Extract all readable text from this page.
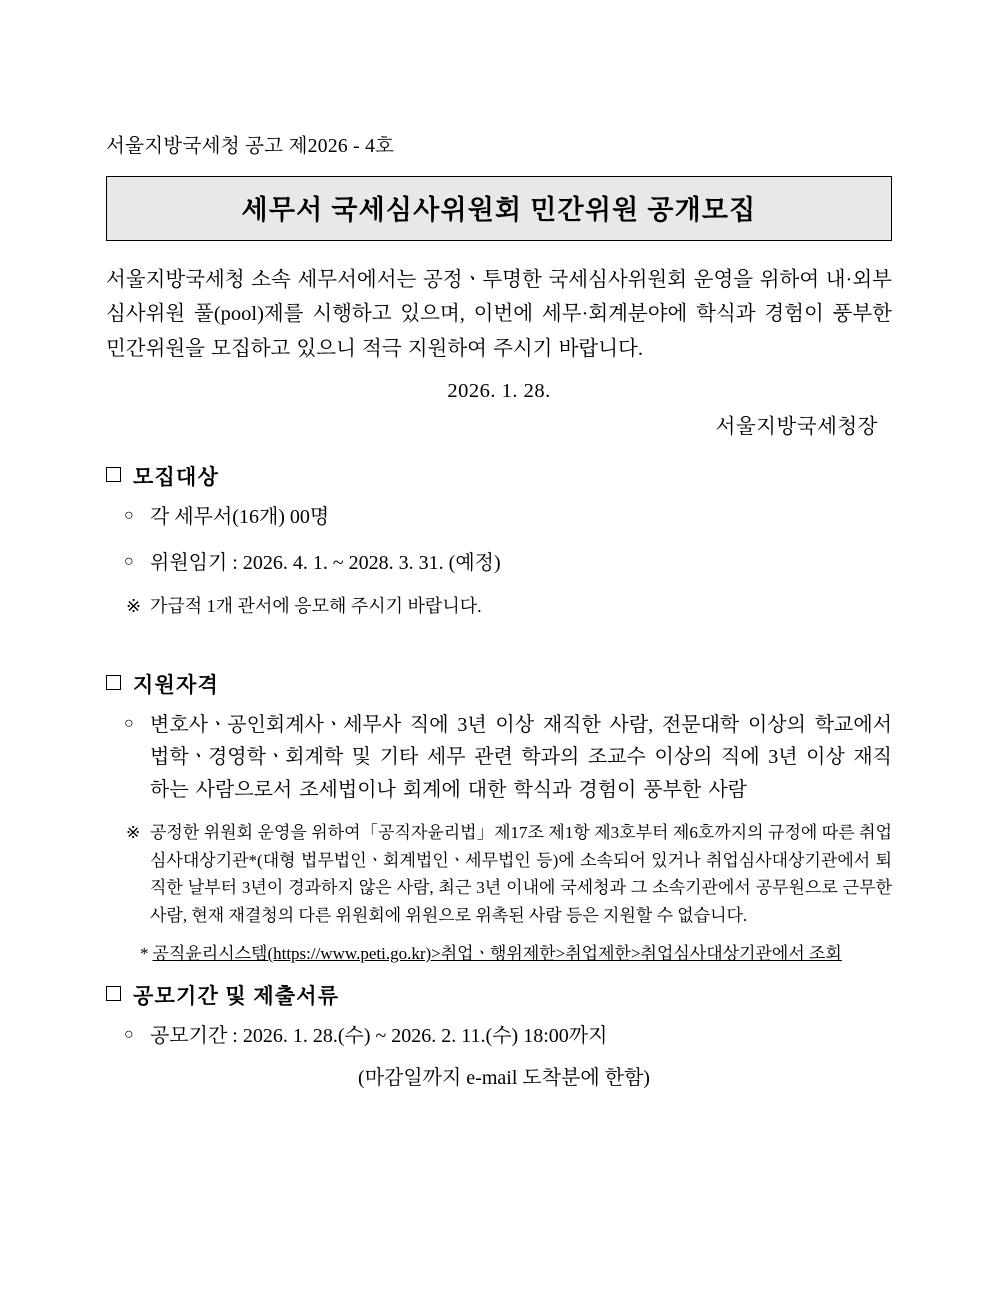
서울지방국세청 공고 제2026 - 4호
세무서 국세심사위원회 민간위원 공개모집

서울지방국세청 소속 세무서에서는 공정ㆍ투명한 국세심사위원회 운영을 위하여 내·외부 심사위원 풀(pool)제를 시행하고 있으며, 이번에 세무·회계분야에 학식과 경험이 풍부한 민간위원을 모집하고 있으니 적극 지원하여 주시기 바랍니다.

2026. 1. 28.
서울지방국세청장
모집대상
○ 각 세무서(16개) 00명
○ 위원임기 : 2026. 4. 1. ~ 2028. 3. 31. (예정)
※ 가급적 1개 관서에 응모해 주시기 바랍니다.
지원자격
○ 변호사ㆍ공인회계사ㆍ세무사 직에 3년 이상 재직한 사람, 전문대학 이상의 학교에서 법학ㆍ경영학ㆍ회계학 및 기타 세무 관련 학과의 조교수 이상의 직에 3년 이상 재직하는 사람으로서 조세법이나 회계에 대한 학식과 경험이 풍부한 사람
※ 공정한 위원회 운영을 위하여「공직자윤리법」제17조 제1항 제3호부터 제6호까지의 규정에 따른 취업심사대상기관*(대형 법무법인ㆍ회계법인ㆍ세무법인 등)에 소속되어 있거나 취업심사대상기관에서 퇴직한 날부터 3년이 경과하지 않은 사람, 최근 3년 이내에 국세청과 그 소속기관에서 공무원으로 근무한 사람, 현재 재결청의 다른 위원회에 위원으로 위촉된 사람 등은 지원할 수 없습니다.
* 공직윤리시스템(https://www.peti.go.kr)>취업ㆍ행위제한>취업제한>취업심사대상기관에서 조회
공모기간 및 제출서류
○ 공모기간 : 2026. 1. 28.(수) ~ 2026. 2. 11.(수) 18:00까지
(마감일까지 e-mail 도착분에 한함)
